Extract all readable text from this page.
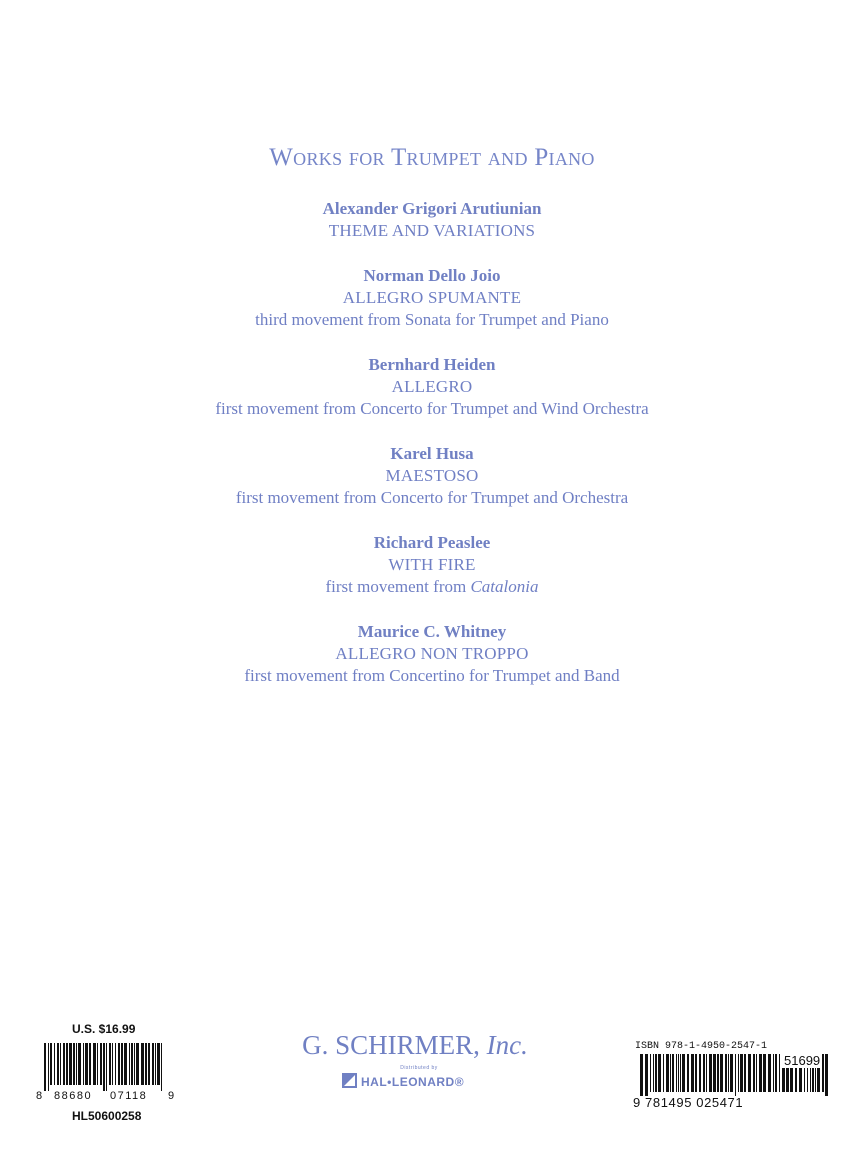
Works for Trumpet and Piano
Alexander Grigori Arutiunian
THEME AND VARIATIONS
Norman Dello Joio
ALLEGRO SPUMANTE
third movement from Sonata for Trumpet and Piano
Bernhard Heiden
ALLEGRO
first movement from Concerto for Trumpet and Wind Orchestra
Karel Husa
MAESTOSO
first movement from Concerto for Trumpet and Orchestra
Richard Peaslee
WITH FIRE
first movement from Catalonia
Maurice C. Whitney
ALLEGRO NON TROPPO
first movement from Concertino for Trumpet and Band
U.S. $16.99
8 88680 07118 9
HL50600258
G. SCHIRMER, Inc.
Distributed by
HAL•LEONARD®
ISBN 978-1-4950-2547-1
51699
9 781495 025471
